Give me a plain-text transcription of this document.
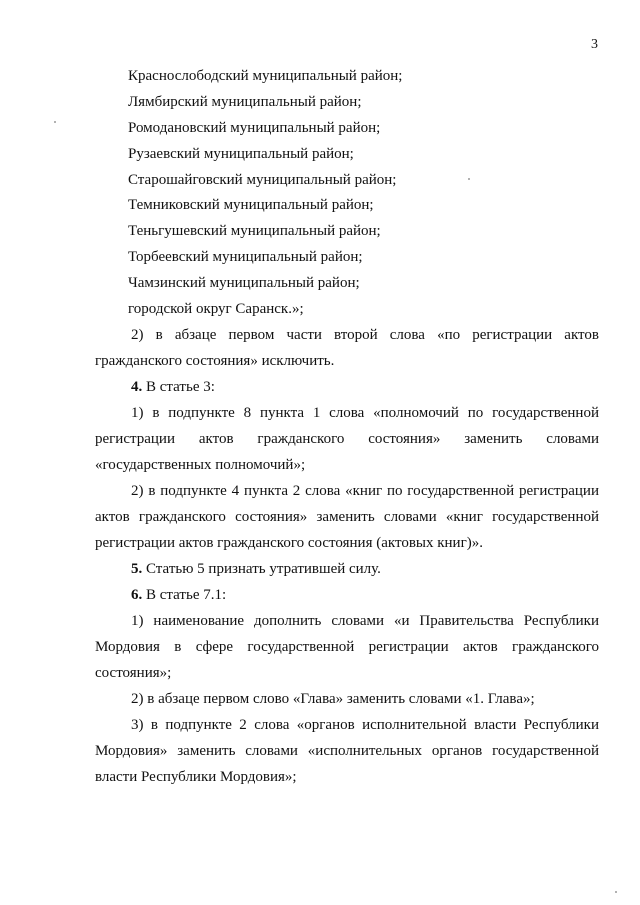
3
Краснослободский муниципальный район;
Лямбирский муниципальный район;
Ромодановский муниципальный район;
Рузаевский муниципальный район;
Старошайговский муниципальный район;
Темниковский муниципальный район;
Теньгушевский муниципальный район;
Торбеевский муниципальный район;
Чамзинский муниципальный район;
городской округ Саранск.»;
2) в абзаце первом части второй слова «по регистрации актов
гражданского состояния» исключить.
4. В статье 3:
1) в подпункте 8 пункта 1 слова «полномочий по государственной
регистрации актов гражданского состояния» заменить словами
«государственных полномочий»;
2) в подпункте 4 пункта 2 слова «книг по государственной регистрации
актов гражданского состояния» заменить словами «книг государственной
регистрации актов гражданского состояния (актовых книг)».
5. Статью 5 признать утратившей силу.
6. В статье 7.1:
1) наименование дополнить словами «и Правительства Республики
Мордовия в сфере государственной регистрации актов гражданского
состояния»;
2) в абзаце первом слово «Глава» заменить словами «1. Глава»;
3) в подпункте 2 слова «органов исполнительной власти Республики
Мордовия» заменить словами «исполнительных органов государственной
власти Республики Мордовия»;
